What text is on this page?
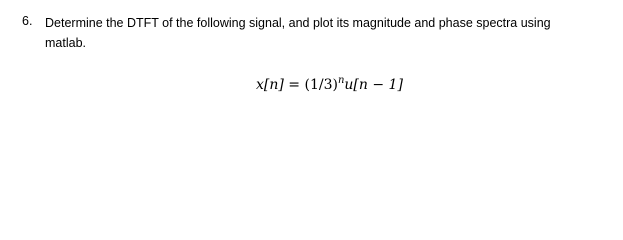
6. Determine the DTFT of the following signal, and plot its magnitude and phase spectra using
matlab.
$x[n] = (1/3)^nu[n - 1]$
